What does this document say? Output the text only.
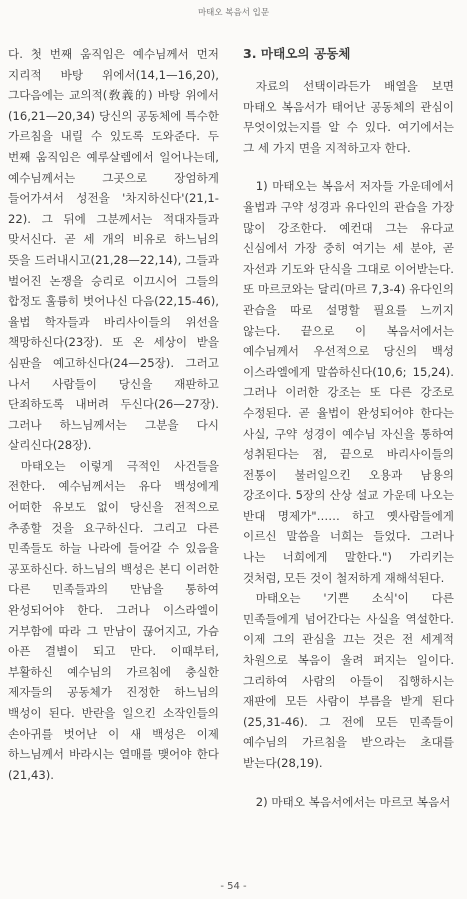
마태오 복음서 입문

다. 첫 번째 움직임은 예수님께서 먼저 지리적 바탕 위에서(14,1—16,20), 그다음에는 교의적(敎義的) 바탕 위에서(16,21—20,34) 당신의 공동체에 특수한 가르침을 내릴 수 있도록 도와준다. 두 번째 움직임은 예루살렘에서 일어나는데, 예수님께서는 그곳으로 장엄하게 들어가셔서 성전을 '차지하신다'(21,1-22). 그 뒤에 그분께서는 적대자들과 맞서신다. 곧 세 개의 비유로 하느님의 뜻을 드러내시고(21,28—22,14), 그들과 벌어진 논쟁을 승리로 이끄시어 그들의 합정도 훌륭히 벗어나신 다음(22,15-46), 율법 학자들과 바리사이들의 위선을 책망하신다(23장). 또 온 세상이 받을 심판을 예고하신다(24—25장). 그러고 나서 사람들이 당신을 재판하고 단죄하도록 내버려 두신다(26—27장). 그러나 하느님께서는 그분을 다시 살리신다(28장).

마태오는 이렇게 극적인 사건들을 전한다. 예수님께서는 유다 백성에게 어떠한 유보도 없이 당신을 전적으로 추종할 것을 요구하신다. 그리고 다른 민족들도 하늘 나라에 들어갈 수 있음을 공포하신다. 하느님의 백성은 본디 이러한 다른 민족들과의 만남을 통하여 완성되어야 한다. 그러나 이스라엘이 거부함에 따라 그 만남이 끊어지고, 가슴 아픈 결별이 되고 만다. 이때부터, 부활하신 예수님의 가르침에 충실한 제자들의 공동체가 진정한 하느님의 백성이 된다. 반란을 일으킨 소작인들의 손아귀를 벗어난 이 새 백성은 이제 하느님께서 바라시는 열매를 맺어야 한다(21,43).

3. 마태오의 공동체

자료의 선택이라든가 배열을 보면 마태오 복음서가 태어난 공동체의 관심이 무엇이었는지를 알 수 있다. 여기에서는 그 세 가지 면을 지적하고자 한다.

1) 마태오는 복음서 저자들 가운데에서 율법과 구약 성경과 유다인의 관습을 가장 많이 강조한다. 예컨대 그는 유다교 신심에서 가장 중히 여기는 세 분야, 곧 자선과 기도와 단식을 그대로 이어받는다. 또 마르코와는 달리(마르 7,3-4) 유다인의 관습을 따로 설명할 필요를 느끼지 않는다. 끝으로 이 복음서에서는 예수님께서 우선적으로 당신의 백성 이스라엘에게 말씀하신다(10,6; 15,24). 그러나 이러한 강조는 또 다른 강조로 수정된다. 곧 율법이 완성되어야 한다는 사실, 구약 성경이 예수님 자신을 통하여 성취된다는 점, 끝으로 바리사이들의 전통이 불러일으킨 오용과 남용의 강조이다. 5장의 산상 설교 가운데 나오는 반대 명제가"…… 하고 옛사람들에게 이르신 말씀을 너희는 들었다. 그러나 나는 너희에게 말한다.") 가리키는 것처럼, 모든 것이 철저하게 재해석된다.

마태오는 '기쁜 소식'이 다른 민족들에게 넘어간다는 사실을 역설한다. 이제 그의 관심을 끄는 것은 전 세계적 차원으로 복음이 울려 퍼지는 일이다. 그리하여 사람의 아들이 집행하시는 재판에 모든 사람이 부름을 받게 된다(25,31-46). 그 전에 모든 민족들이 예수님의 가르침을 받으라는 초대를 받는다(28,19).

2) 마태오 복음서에서는 마르코 복음서

- 54 -
